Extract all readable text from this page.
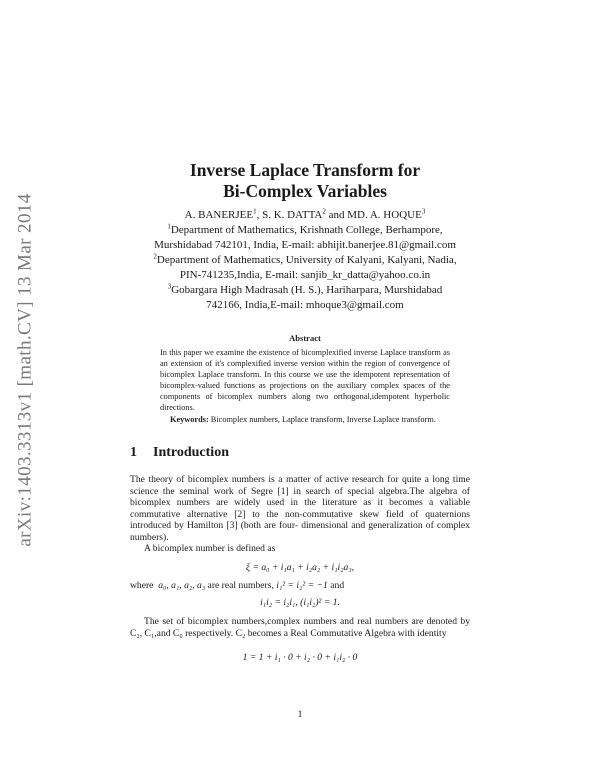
arXiv:1403.3313v1 [math.CV] 13 Mar 2014
Inverse Laplace Transform for
Bi-Complex Variables
A. BANERJEE$^1$, S. K. DATTA$^2$ and MD. A. HOQUE$^3$
$^1$Department of Mathematics, Krishnath College, Berhampore,
Murshidabad 742101, India, E-mail: abhijit.banerjee.81@gmail.com
$^2$Department of Mathematics, University of Kalyani, Kalyani, Nadia,
PIN-741235,India, E-mail: sanjib_kr_datta@yahoo.co.in
$^3$Gobargara High Madrasah (H. S.), Hariharpara, Murshidabad
742166, India,E-mail: mhoque3@gmail.com
Abstract

In this paper we examine the existence of bicomplexified inverse Laplace transform as an extension of it's complexified inverse version within the region of convergence of bicomplex Laplace transform. In this course we use the idempotent representation of bicomplex-valued functions as projections on the auxiliary complex spaces of the components of bicomplex numbers along two orthogonal,idempotent hyperbolic directions.

Keywords: Bicomplex numbers, Laplace transform, Inverse Laplace transform.

1 Introduction
The theory of bicomplex numbers is a matter of active research for quite a long time science the seminal work of Segre [1] in search of special algebra.The algebra of bicomplex numbers are widely used in the literature as it becomes a valiable commutative alternative [2] to the non-commutative skew field of quaternions introduced by Hamilton [3] (both are four- dimensional and generalization of complex numbers).
A bicomplex number is defined as
ξ = a₀ + i₁a₁ + i₂a₂ + i₁i₂a₃,
where a₀, a₁, a₂, a₃ are real numbers, i₁² = i₂² = −1 and
i₁i₂ = i₂i₁, (i₁i₂)² = 1.
The set of bicomplex numbers,complex numbers and real numbers are denoted by C₂, C₁,and C₀ respectively. C₂ becomes a Real Commutative Algebra with identity
1 = 1 + i₁ · 0 + i₂ · 0 + i₁i₂ · 0
1
